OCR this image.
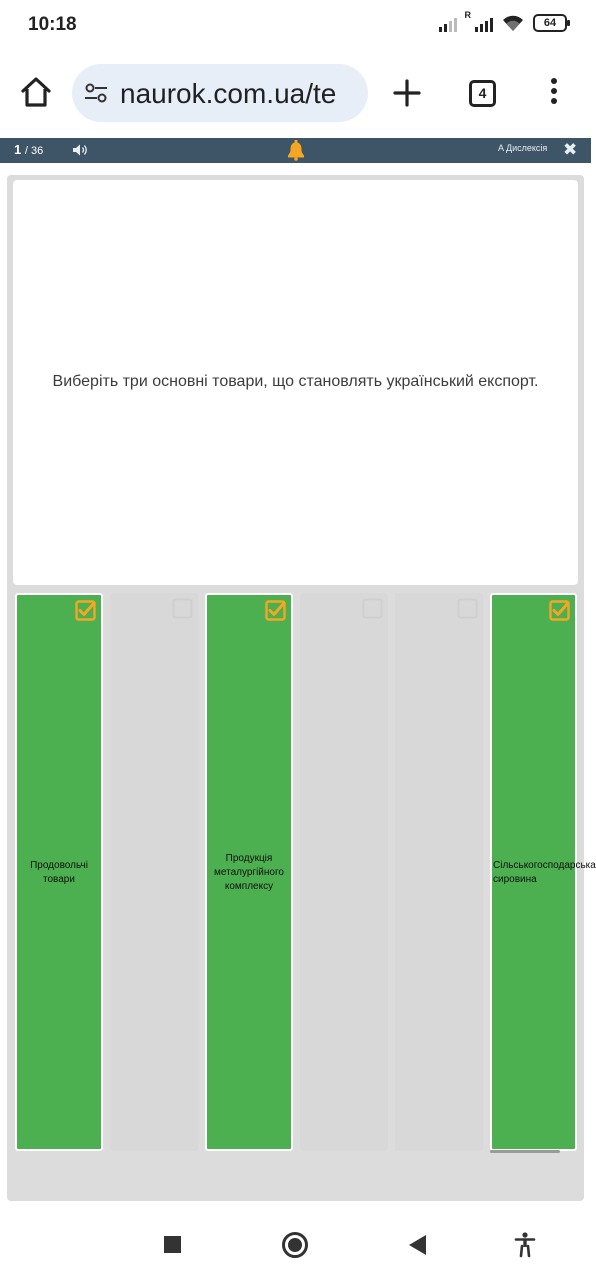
10:18	R
64
naurok.com.ua/te	4
1 / 36	A Дислексія ✖
Виберіть три основні товари, що становлять український експорт.
Продовольчі
товари
Продукція
металургійного
комплексу
Сільськогосподарська
сировина
